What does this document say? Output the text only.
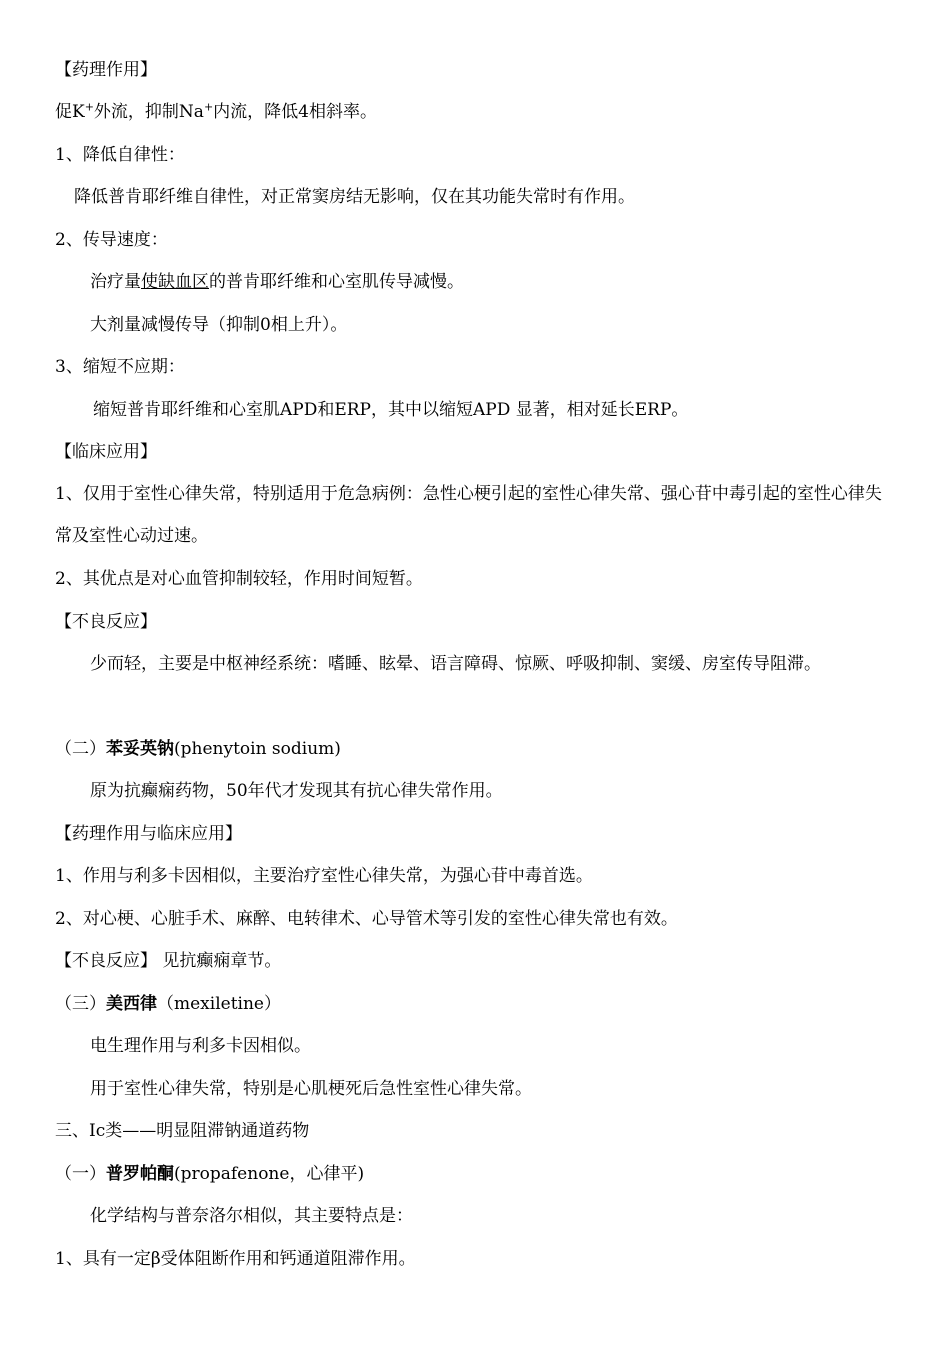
【药理作用】
促K+外流，抑制Na+内流，降低4相斜率。
1、降低自律性：
降低普肯耶纤维自律性，对正常窦房结无影响，仅在其功能失常时有作用。
2、传导速度：
治疗量使缺血区的普肯耶纤维和心室肌传导减慢。
大剂量减慢传导（抑制0相上升）。
3、缩短不应期：
缩短普肯耶纤维和心室肌APD和ERP，其中以缩短APD 显著，相对延长ERP。
【临床应用】
1、仅用于室性心律失常，特别适用于危急病例：急性心梗引起的室性心律失常、强心苷中毒引起的室性心律失常及室性心动过速。
2、其优点是对心血管抑制较轻，作用时间短暂。
【不良反应】
少而轻，主要是中枢神经系统：嗜睡、眩晕、语言障碍、惊厥、呼吸抑制、窦缓、房室传导阻滞。
（二）苯妥英钠(phenytoin sodium)
原为抗癫痫药物，50年代才发现其有抗心律失常作用。
【药理作用与临床应用】
1、作用与利多卡因相似，主要治疗室性心律失常，为强心苷中毒首选。
2、对心梗、心脏手术、麻醉、电转律术、心导管术等引发的室性心律失常也有效。
【不良反应】 见抗癫痫章节。
（三）美西律（mexiletine）
电生理作用与利多卡因相似。
用于室性心律失常，特别是心肌梗死后急性室性心律失常。
三、Ic类——明显阻滞钠通道药物
（一）普罗帕酮(propafenone，心律平)
化学结构与普奈洛尔相似，其主要特点是：
1、具有一定β受体阻断作用和钙通道阻滞作用。
